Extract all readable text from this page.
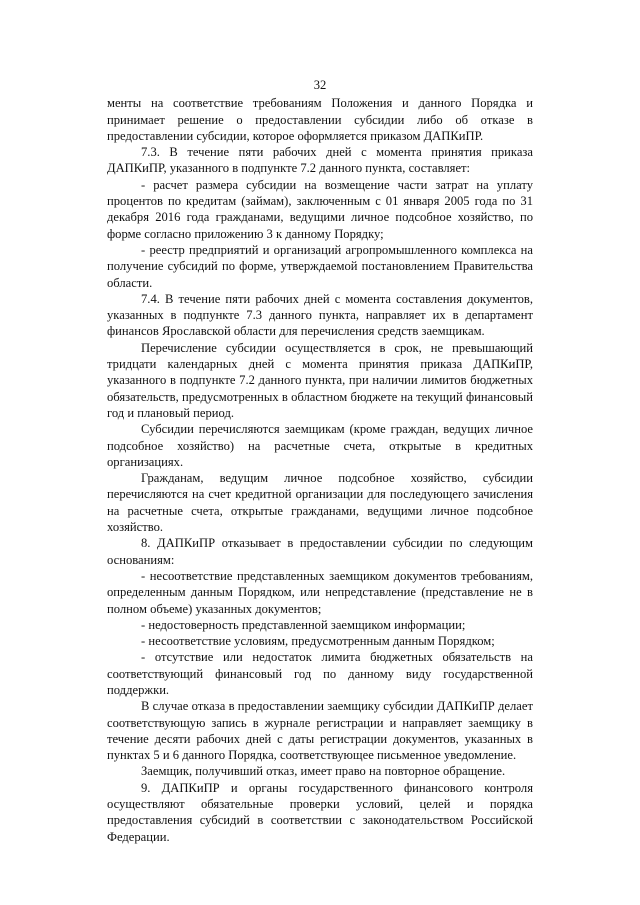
32

менты на соответствие требованиям Положения и данного Порядка и принимает решение о предоставлении субсидии либо об отказе в предоставлении субсидии, которое оформляется приказом ДАПКиПР.

7.3. В течение пяти рабочих дней с момента принятия приказа ДАПКиПР, указанного в подпункте 7.2 данного пункта, составляет:

- расчет размера субсидии на возмещение части затрат на уплату процентов по кредитам (займам), заключенным с 01 января 2005 года по 31 декабря 2016 года гражданами, ведущими личное подсобное хозяйство, по форме согласно приложению 3 к данному Порядку;

- реестр предприятий и организаций агропромышленного комплекса на получение субсидий по форме, утверждаемой постановлением Правительства области.

7.4. В течение пяти рабочих дней с момента составления документов, указанных в подпункте 7.3 данного пункта, направляет их в департамент финансов Ярославской области для перечисления средств заемщикам.

Перечисление субсидии осуществляется в срок, не превышающий тридцати календарных дней с момента принятия приказа ДАПКиПР, указанного в подпункте 7.2 данного пункта, при наличии лимитов бюджетных обязательств, предусмотренных в областном бюджете на текущий финансовый год и плановый период.

Субсидии перечисляются заемщикам (кроме граждан, ведущих личное подсобное хозяйство) на расчетные счета, открытые в кредитных организациях.

Гражданам, ведущим личное подсобное хозяйство, субсидии перечисляются на счет кредитной организации для последующего зачисления на расчетные счета, открытые гражданами, ведущими личное подсобное хозяйство.

8. ДАПКиПР отказывает в предоставлении субсидии по следующим основаниям:

- несоответствие представленных заемщиком документов требованиям, определенным данным Порядком, или непредставление (представление не в полном объеме) указанных документов;

- недостоверность представленной заемщиком информации;

- несоответствие условиям, предусмотренным данным Порядком;

- отсутствие или недостаток лимита бюджетных обязательств на соответствующий финансовый год по данному виду государственной поддержки.

В случае отказа в предоставлении заемщику субсидии ДАПКиПР делает соответствующую запись в журнале регистрации и направляет заемщику в течение десяти рабочих дней с даты регистрации документов, указанных в пунктах 5 и 6 данного Порядка, соответствующее письменное уведомление.

Заемщик, получивший отказ, имеет право на повторное обращение.

9. ДАПКиПР и органы государственного финансового контроля осуществляют обязательные проверки условий, целей и порядка предоставления субсидий в соответствии с законодательством Российской Федерации.
